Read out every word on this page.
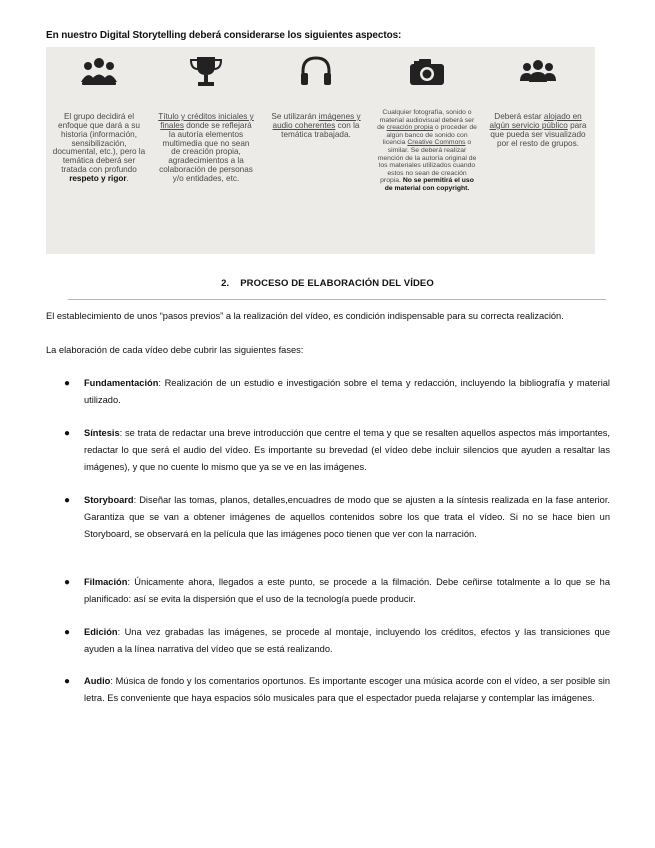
En nuestro Digital Storytelling deberá considerarse los siguientes aspectos:
El grupo decidirá el enfoque que dará a su historia (información, sensibilización, documental, etc.), pero la temática deberá ser tratada con profundo respeto y rigor.
Título y créditos iniciales y finales donde se reflejará la autoría elementos multimedia que no sean de creación propia, agradecimientos a la colaboración de personas y/o entidades, etc.
Se utilizarán imágenes y audio coherentes con la temática trabajada.
Cualquier fotografía, sonido o material audiovisual deberá ser de creación propia o proceder de algún banco de sonido con licencia Creative Commons o similar. Se deberá realizar mención de la autoría original de los materiales utilizados cuando estos no sean de creación propia. No se permitirá el uso de material con copyright.
Deberá estar alojado en algún servicio público para que pueda ser visualizado por el resto de grupos.
2. PROCESO DE ELABORACIÓN DEL VÍDEO
El establecimiento de unos “pasos previos” a la realización del vídeo, es condición indispensable para su correcta realización.
La elaboración de cada vídeo debe cubrir las siguientes fases:
● Fundamentación: Realización de un estudio e investigación sobre el tema y redacción, incluyendo la bibliografía y material utilizado.
● Síntesis: se trata de redactar una breve introducción que centre el tema y que se resalten aquellos aspectos más importantes, redactar lo que será el audio del vídeo. Es importante su brevedad (el vídeo debe incluir silencios que ayuden a resaltar las imágenes), y que no cuente lo mismo que ya se ve en las imágenes.
● Storyboard: Diseñar las tomas, planos, detalles,encuadres de modo que se ajusten a la síntesis realizada en la fase anterior. Garantiza que se van a obtener imágenes de aquellos contenidos sobre los que trata el vídeo. Si no se hace bien un Storyboard, se observará en la película que las imágenes poco tienen que ver con la narración.
● Filmación: Únicamente ahora, llegados a este punto, se procede a la filmación. Debe ceñirse totalmente a lo que se ha planificado: así se evita la dispersión que el uso de la tecnología puede producir.
● Edición: Una vez grabadas las imágenes, se procede al montaje, incluyendo los créditos, efectos y las transiciones que ayuden a la línea narrativa del vídeo que se está realizando.
● Audio: Música de fondo y los comentarios oportunos. Es importante escoger una música acorde con el vídeo, a ser posible sin letra. Es conveniente que haya espacios sólo musicales para que el espectador pueda relajarse y contemplar las imágenes.
